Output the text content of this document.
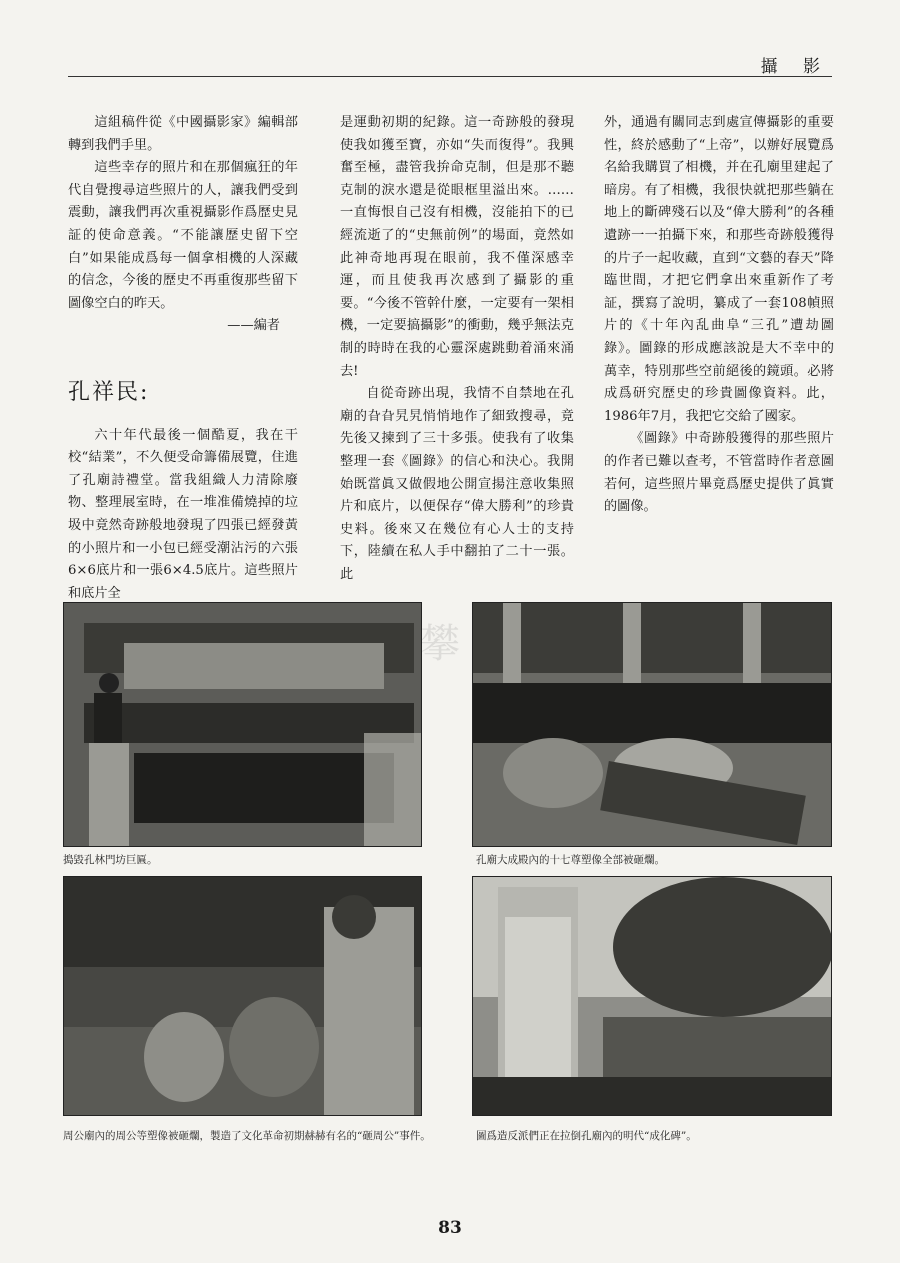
攝 影

這組稿件從《中國攝影家》編輯部轉到我們手里。

這些幸存的照片和在那個瘋狂的年代自覺搜尋這些照片的人，讓我們受到震動，讓我們再次重視攝影作爲歷史見証的使命意義。“不能讓歷史留下空白”如果能成爲每一個拿相機的人深藏的信念，今後的歷史不再重復那些留下圖像空白的昨天。

——編者

孔祥民:

六十年代最後一個酷夏，我在干校“結業”，不久便受命籌備展覽，住進了孔廟詩禮堂。當我組織人力清除廢物、整理展室時，在一堆准備燒掉的垃圾中竟然奇跡般地發現了四張已經發黃的小照片和一小包已經受潮沾污的六張6×6底片和一張6×4.5底片。這些照片和底片全

是運動初期的紀錄。這一奇跡般的發現使我如獲至寶，亦如“失而復得”。我興奮至極，盡管我拚命克制，但是那不聽克制的淚水還是從眼框里溢出來。……一直悔恨自己沒有相機，沒能拍下的已經流逝了的“史無前例”的場面，竟然如此神奇地再現在眼前，我不僅深感幸運，而且使我再次感到了攝影的重要。“今後不管幹什麼，一定要有一架相機，一定要搞攝影”的衝動，幾乎無法克制的時時在我的心靈深處跳動着涌來涌去!

自從奇跡出現，我情不自禁地在孔廟的旮旮旯旯悄悄地作了細致搜尋，竟先後又揀到了三十多張。使我有了收集整理一套《圖錄》的信心和決心。我開始既當眞又做假地公開宣揚注意收集照片和底片，以便保存“偉大勝利”的珍貴史料。後來又在幾位有心人士的支持下，陸續在私人手中翻拍了二十一張。此

外，通過有關同志到處宣傳攝影的重要性，終於感動了“上帝”，以辦好展覽爲名給我購買了相機，并在孔廟里建起了暗房。有了相機，我很快就把那些躺在地上的斷碑殘石以及“偉大勝利”的各種遺跡一一拍攝下來，和那些奇跡般獲得的片子一起收藏，直到“文藝的春天”降臨世間，才把它們拿出來重新作了考証，撰寫了說明，纂成了一套108幀照片的《十年內乱曲阜“三孔”遭劫圖錄》。圖錄的形成應該說是大不幸中的萬幸，特別那些空前絕後的鏡頭。必將成爲研究歷史的珍貴圖像資料。此，1986年7月，我把它交給了國家。

《圖錄》中奇跡般獲得的那些照片的作者已難以查考，不管當時作者意圖若何，這些照片畢竟爲歷史提供了眞實的圖像。

攀
搗毀孔林門坊巨匾。	孔廟大成殿內的十七尊塑像全部被砸爛。
周公廟內的周公等塑像被砸爛，製造了文化革命初期赫赫有名的“砸周公”事件。	圖爲造反派們正在拉倒孔廟內的明代“成化碑”。
83
